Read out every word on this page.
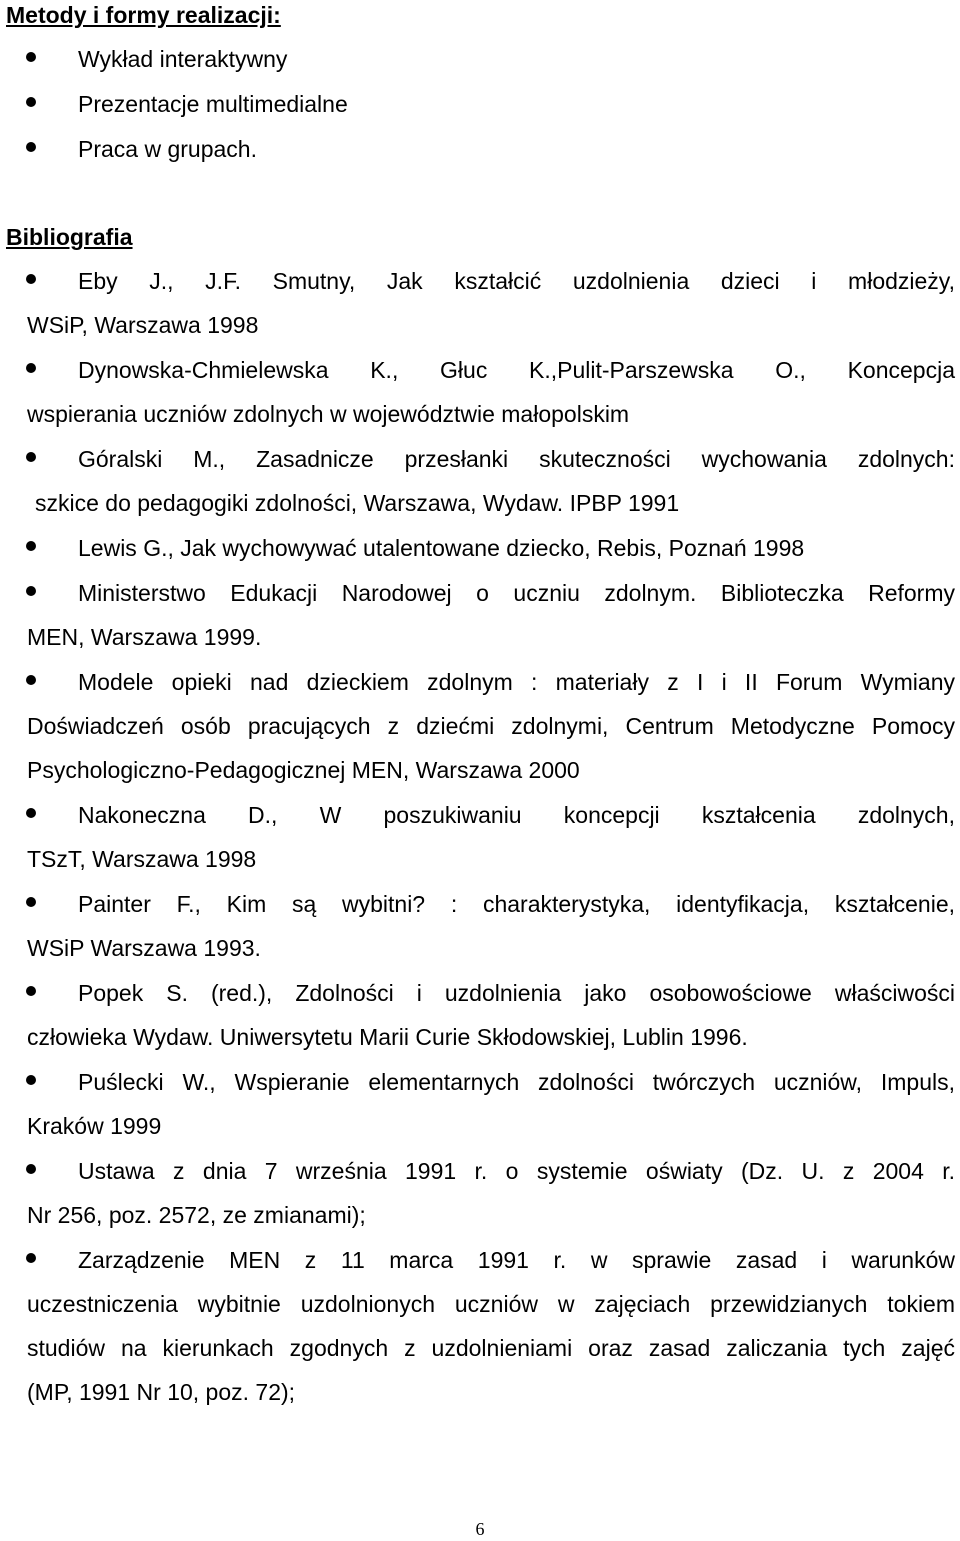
Metody i formy realizacji:
Wykład interaktywny
Prezentacje multimedialne
Praca w grupach.
Bibliografia
Eby J., J.F. Smutny, Jak kształcić uzdolnienia dzieci i młodzieży,
WSiP, Warszawa 1998
Dynowska-Chmielewska K., Głuc K.,Pulit-Parszewska O., Koncepcja
wspierania uczniów zdolnych w województwie małopolskim
Góralski M., Zasadnicze przesłanki skuteczności wychowania zdolnych:
szkice do pedagogiki zdolności, Warszawa, Wydaw. IPBP 1991
Lewis G., Jak wychowywać utalentowane dziecko, Rebis, Poznań 1998
Ministerstwo Edukacji Narodowej o uczniu zdolnym. Biblioteczka Reformy
MEN, Warszawa 1999.
Modele opieki nad dzieckiem zdolnym : materiały z I i II Forum Wymiany
Doświadczeń osób pracujących z dziećmi zdolnymi, Centrum Metodyczne Pomocy
Psychologiczno-Pedagogicznej MEN, Warszawa 2000
Nakoneczna D., W poszukiwaniu koncepcji kształcenia zdolnych,
TSzT, Warszawa 1998
Painter F., Kim są wybitni? : charakterystyka, identyfikacja, kształcenie,
WSiP Warszawa 1993.
Popek S. (red.), Zdolności i uzdolnienia jako osobowościowe właściwości
człowieka Wydaw. Uniwersytetu Marii Curie Skłodowskiej, Lublin 1996.
Puślecki W., Wspieranie elementarnych zdolności twórczych uczniów, Impuls,
Kraków 1999
Ustawa z dnia 7 września 1991 r. o systemie oświaty (Dz. U. z 2004 r.
Nr 256, poz. 2572, ze zmianami);
Zarządzenie MEN z 11 marca 1991 r. w sprawie zasad i warunków
uczestniczenia wybitnie uzdolnionych uczniów w zajęciach przewidzianych tokiem
studiów na kierunkach zgodnych z uzdolnieniami oraz zasad zaliczania tych zajęć
(MP, 1991 Nr 10, poz. 72);
6
